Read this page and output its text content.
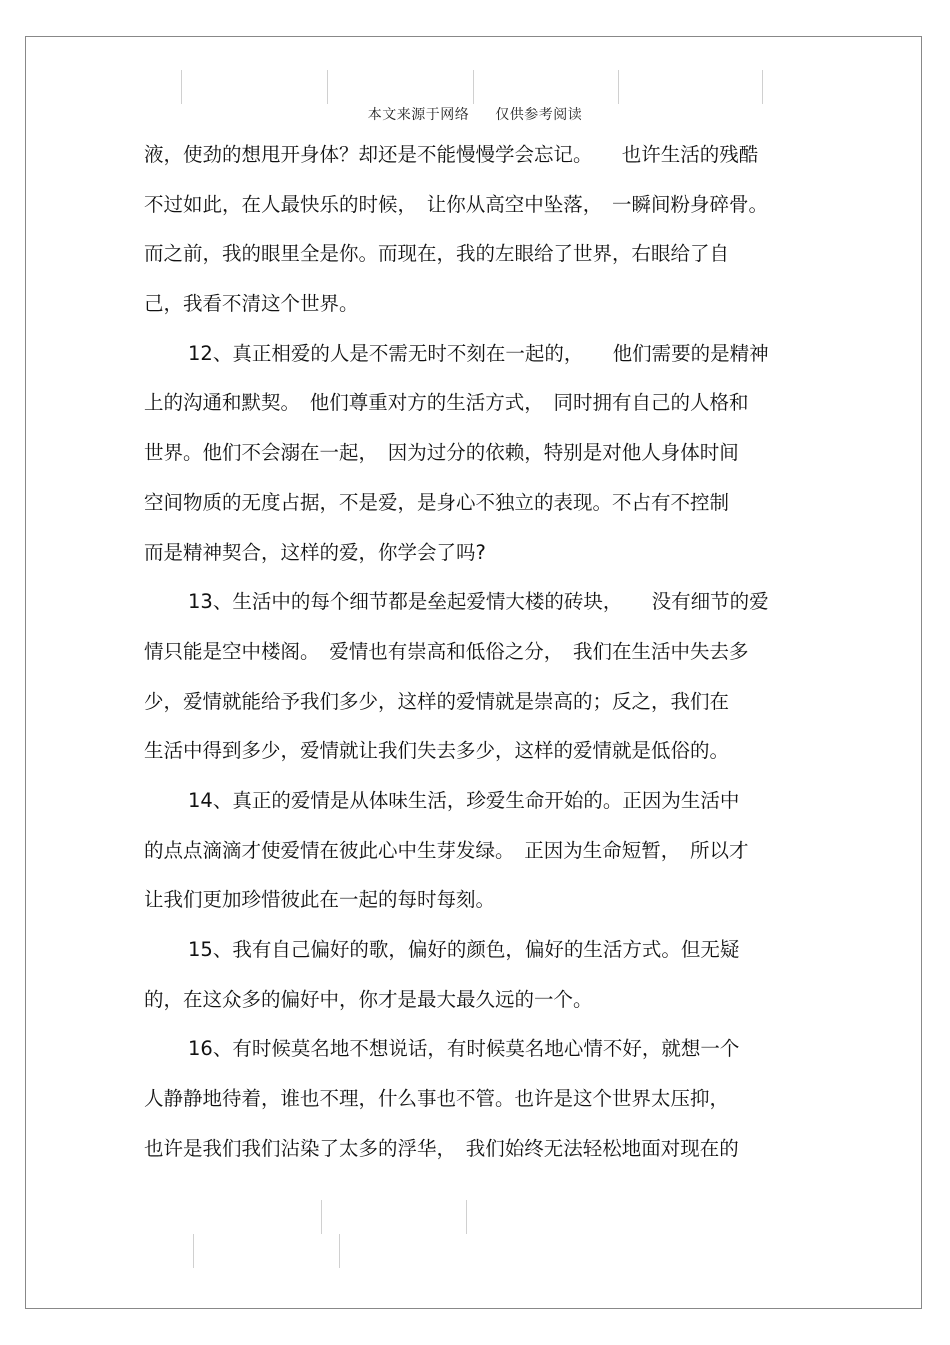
本文来源于网络 仅供参考阅读
液，使劲的想甩开身体？却还是不能慢慢学会忘记。　　也许生活的残酷
不过如此，在人最快乐的时候，　让你从高空中坠落，　一瞬间粉身碎骨。
而之前，我的眼里全是你。而现在，我的左眼给了世界，右眼给了自
己，我看不清这个世界。
12、真正相爱的人是不需无时不刻在一起的，　　他们需要的是精神
上的沟通和默契。　他们尊重对方的生活方式，　同时拥有自己的人格和
世界。他们不会溺在一起，　因为过分的依赖，特别是对他人身体时间
空间物质的无度占据，不是爱，是身心不独立的表现。不占有不控制
而是精神契合，这样的爱，你学会了吗?
13、生活中的每个细节都是垒起爱情大楼的砖块，　　没有细节的爱
情只能是空中楼阁。　爱情也有崇高和低俗之分，　我们在生活中失去多
少，爱情就能给予我们多少，这样的爱情就是崇高的；反之，我们在
生活中得到多少，爱情就让我们失去多少，这样的爱情就是低俗的。
14、真正的爱情是从体味生活，珍爱生命开始的。正因为生活中
的点点滴滴才使爱情在彼此心中生芽发绿。　正因为生命短暂，　所以才
让我们更加珍惜彼此在一起的每时每刻。
15、我有自己偏好的歌，偏好的颜色，偏好的生活方式。但无疑
的，在这众多的偏好中，你才是最大最久远的一个。
16、有时候莫名地不想说话，有时候莫名地心情不好，就想一个
人静静地待着，谁也不理，什么事也不管。也许是这个世界太压抑，
也许是我们我们沾染了太多的浮华，　我们始终无法轻松地面对现在的
